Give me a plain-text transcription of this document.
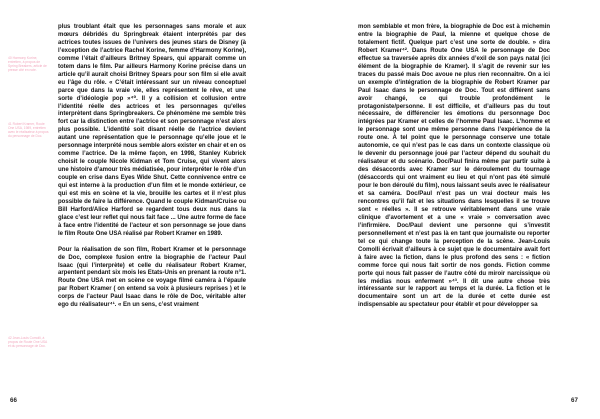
40 Harmony Korine, entretien, à propos de Spring Breakers, article de presse cité en note.
41 Robert Kramer, Route One USA, 1989, entretien avec le réalisateur à propos du personnage de Doc.
42 Jean-Louis Comolli, à propos de Route One USA et du personnage de Doc.

plus troublant était que les personnages sans morale et aux mœurs débridés du Springbreak étaient interprétés par des actrices toutes issues de l’univers des jeunes stars de Disney (à l’exception de l’actrice Rachel Korine, femme d’Harmony Korine), comme l’était d’ailleurs Britney Spears, qui apparait comme un totem dans le film. Par ailleurs Harmony Korine précise dans un article qu’il aurait choisi Britney Spears pour son film si elle avait eu l’âge du rôle. « C’était intéressant sur un niveau conceptuel parce que dans la vraie vie, elles représentent le rêve, et une sorte d’idéologie pop »⁴⁰. Il y a collision et collusion entre l’identité réelle des actrices et les personnages qu’elles interprètent dans Springbreakers. Ce phénomène me semble très fort car la distinction entre l’actrice et son personnage n’est alors plus possible. L’identité soit disant réelle de l’actrice devient autant une représentation que le personnage qu’elle joue et le personnage interprété nous semble alors exister en chair et en os comme l’actrice. De la même façon, en 1998, Stanley Kubrick choisit le couple Nicole Kidman et Tom Cruise, qui vivent alors une histoire d’amour très médiatisée, pour interpréter le rôle d’un couple en crise dans Eyes Wide Shut. Cette connivence entre ce qui est interne à la production d’un film et le monde extérieur, ce qui est mis en scène et la vie, brouille les cartes et il n’est plus possible de faire la différence. Quand le couple Kidman/Cruise ou Bill Harford/Alice Harford se regardent tous deux nus dans la glace c’est leur reflet qui nous fait face ... Une autre forme de face à face entre l’identité de l’acteur et son personnage se joue dans le film Route One USA réalisé par Robert Kramer en 1989.

Pour la réalisation de son film, Robert Kramer et le personnage de Doc, complexe fusion entre la biographie de l’acteur Paul Isaac (qui l’interprète) et celle du réalisateur Robert Kramer, arpentent pendant six mois les Etats-Unis en prenant la route n°1. Route One USA met en scène ce voyage filmé caméra à l’épaule par Robert Kramer ( on entend sa voix à plusieurs reprises ) et le corps de l’acteur Paul Isaac dans le rôle de Doc, véritable alter ego du réalisateur⁴¹. « En un sens, c’est vraiment

66

mon semblable et mon frère, la biographie de Doc est à michemin entre la biographie de Paul, la mienne et quelque chose de totalement fictif. Quelque part c’est une sorte de double. » dira Robert Kramer⁴². Dans Route One USA le personnage de Doc effectue sa traversée après dix années d’exil de son pays natal (ici élément de la biographie de Kramer). Il s’agit de revenir sur les traces du passé mais Doc avoue ne plus rien reconnaître. On a ici un exemple d’intégration de la biographie de Robert Kramer par Paul Isaac dans le personnage de Doc. Tout est différent sans avoir changé, ce qui trouble profondément le protagoniste/personne. Il est difficile, et d’ailleurs pas du tout nécessaire, de différencier les émotions du personnage Doc intégrées par Kramer et celles de l’homme Paul Isaac. L’homme et le personnage sont une même personne dans l’expérience de la route one. À tel point que le personnage conserve une totale autonomie, ce qui n’est pas le cas dans un contexte classique où le devenir du personnage joué par l’acteur dépend du souhait du réalisateur et du scénario. Doc/Paul finira même par partir suite à des désaccords avec Kramer sur le déroulement du tournage (désaccords qui ont vraiment eu lieu et qui n’ont pas été simulé pour le bon déroulé du film), nous laissant seuls avec le réalisateur et sa caméra. Doc/Paul n’est pas un vrai docteur mais les rencontres qu’il fait et les situations dans lesquelles il se trouve sont « réelles ». Il se retrouve véritablement dans une vraie clinique d’avortement et a une « vraie » conversation avec l’infirmière. Doc/Paul devient une personne qui s’investit personnellement et n’est pas là en tant que journaliste ou reporter tel ce qui change toute la perception de la scène. Jean-Louis Comolli écrivait d’ailleurs à ce sujet que le documentaire avait fort à faire avec la fiction, dans le plus profond des sens : « fiction comme force qui nous fait sortir de nos gonds. Fiction comme porte qui nous fait passer de l’autre côté du miroir narcissique où les médias nous enferment »⁴³. Il dit une autre chose très intéressante sur le rapport au temps et la durée. La fiction et le documentaire sont un art de la durée et cette durée est indispensable au spectateur pour établir et pour développer sa

67
